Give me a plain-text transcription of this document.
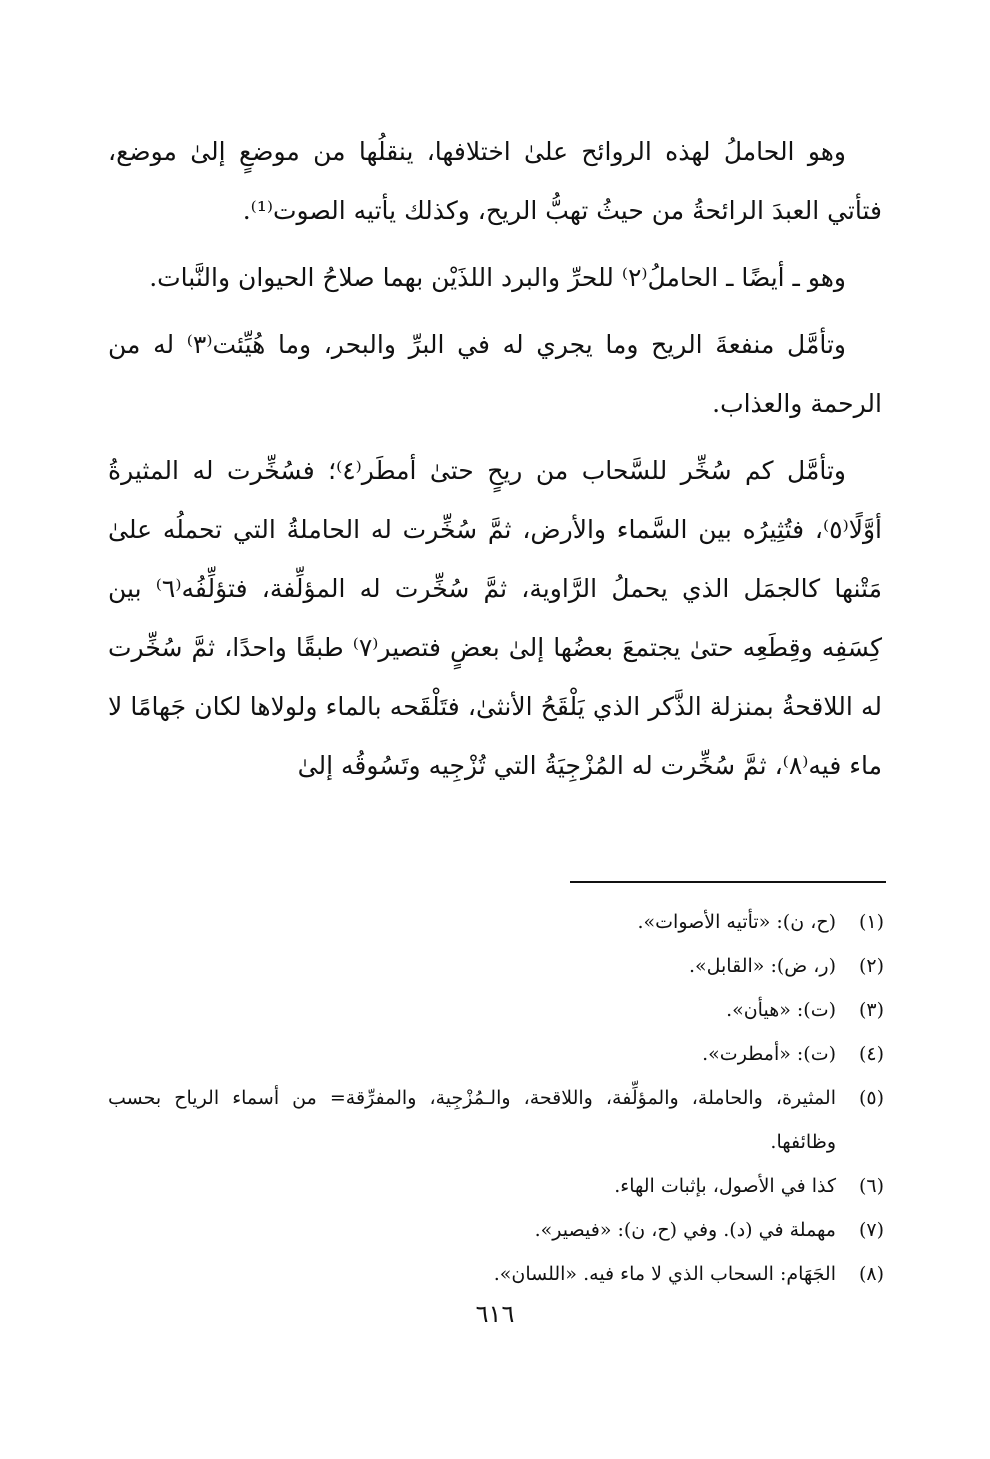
وهو الحاملُ لهذه الروائح علىٰ اختلافها، ينقلُها من موضعٍ إلىٰ موضع، فتأتي العبدَ الرائحةُ من حيثُ تهبُّ الريح، وكذلك يأتيه الصوت⁽¹⁾.

وهو ـ أيضًا ـ الحاملُ⁽٢⁾ للحرِّ والبرد اللذَيْن بهما صلاحُ الحيوان والنَّبات.

وتأمَّل منفعةَ الريح وما يجري له في البرِّ والبحر، وما هُيِّئت⁽٣⁾ له من الرحمة والعذاب.

وتأمَّل كم سُخِّر للسَّحاب من ريحٍ حتىٰ أمطَر⁽٤⁾؛ فسُخِّرت له المثيرةُ أوَّلًا⁽٥⁾، فتُثِيرُه بين السَّماء والأرض، ثمَّ سُخِّرت له الحاملةُ التي تحملُه علىٰ مَتْنها كالجمَل الذي يحملُ الرَّاوية، ثمَّ سُخِّرت له المؤلِّفة، فتؤلِّفُه⁽٦⁾ بين كِسَفِه وقِطَعِه حتىٰ يجتمعَ بعضُها إلىٰ بعضٍ فتصير⁽٧⁾ طبقًا واحدًا، ثمَّ سُخِّرت له اللاقحةُ بمنزلة الذَّكر الذي يَلْقَحُ الأنثىٰ، فتَلْقَحه بالماء ولولاها لكان جَهامًا لا ماء فيه⁽٨⁾، ثمَّ سُخِّرت له المُزْجِيَةُ التي تُزْجِيه وتَسُوقُه إلىٰ

(١)
(ح، ن): «تأتيه الأصوات».
(٢)
(ر، ض): «القابل».
(٣)
(ت): «هيأن».
(٤)
(ت): «أمطرت».
(٥)
المثيرة، والحاملة، والمؤلِّفة، واللاقحة، والـمُزْجِية، والمفرِّقة= من أسماء الرياح بحسب وظائفها.
(٦)
كذا في الأصول، بإثبات الهاء.
(٧)
مهملة في (د). وفي (ح، ن): «فيصير».
(٨)
الجَهَام: السحاب الذي لا ماء فيه. «اللسان».
٦١٦
